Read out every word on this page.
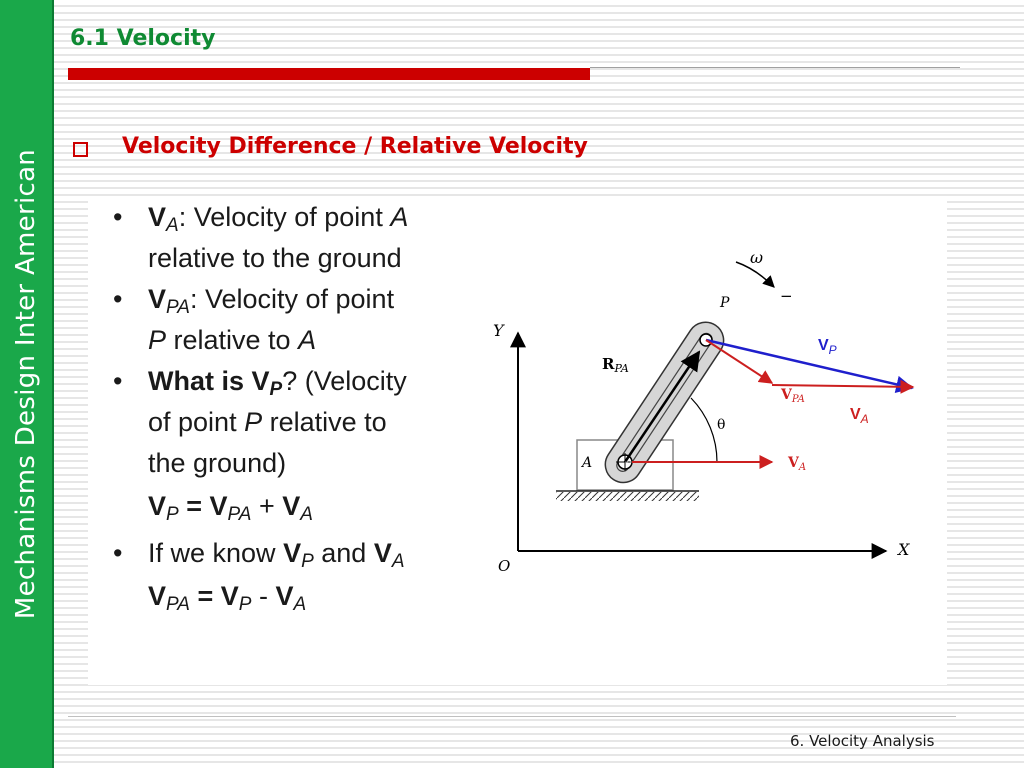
Mechanisms Design Inter American
6.1 Velocity
Velocity Difference / Relative Velocity
• $V_A$: Velocity of point A
relative to the ground
• $V_{PA}$: Velocity of point
P relative to A
• What is $V_P$? (Velocity
of point P relative to
the ground)
$V_P = V_{PA} + V_A$
• If we know $V_P$ and $V_A$
$V_{PA} = V_P - V_A$
Y
X
O
A
P
$R_{PA}$
θ
ω
−
$V_P$
$V_{PA}$
$V_A$
$V_A$
6. Velocity Analysis
